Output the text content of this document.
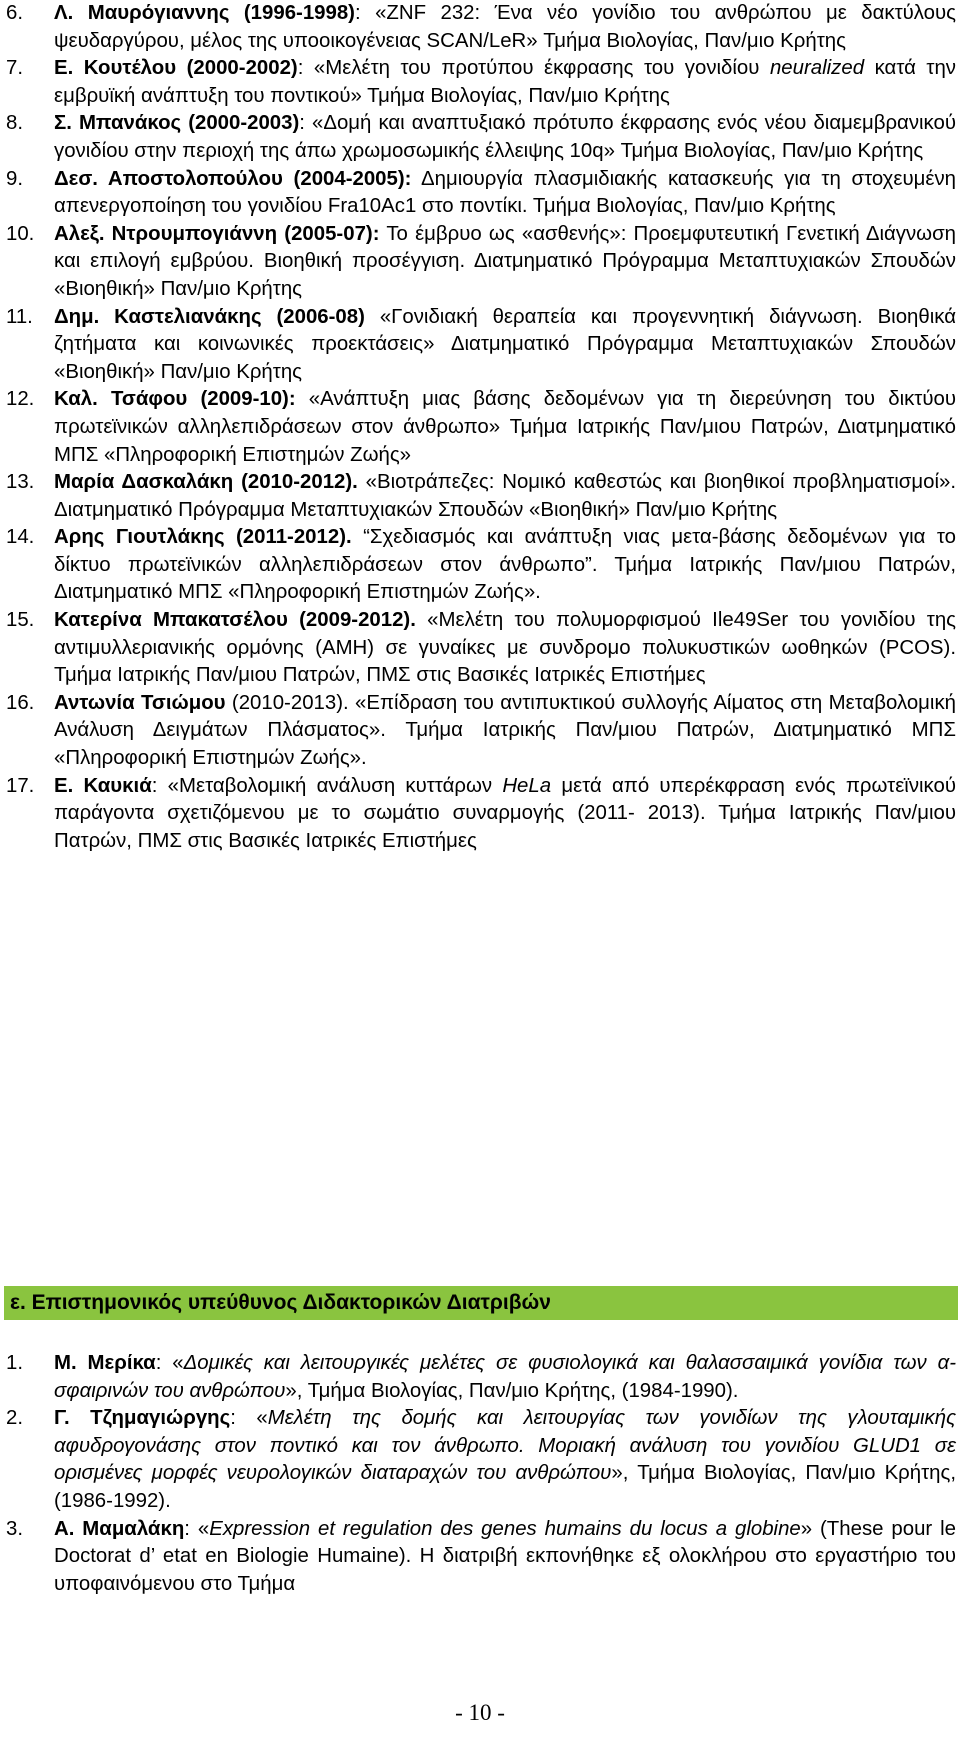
6. Λ. Μαυρόγιαννης (1996-1998): «ZNF 232: Ένα νέο γονίδιο του ανθρώπου με δακτύλους ψευδαργύρου, μέλος της υποοικογένειας SCAN/LeR» Τμήμα Βιολογίας, Παν/μιο Κρήτης
7. Ε. Κουτέλου (2000-2002): «Μελέτη του προτύπου έκφρασης του γονιδίου neuralized κατά την εμβρυϊκή ανάπτυξη του ποντικού» Τμήμα Βιολογίας, Παν/μιο Κρήτης
8. Σ. Μπανάκος (2000-2003): «Δομή και αναπτυξιακό πρότυπο έκφρασης ενός νέου διαμεμβρανικού γονιδίου στην περιοχή της άπω χρωμοσωμικής έλλειψης 10q» Τμήμα Βιολογίας, Παν/μιο Κρήτης
9. Δεσ. Αποστολοπούλου (2004-2005): Δημιουργία πλασμιδιακής κατασκευής για τη στοχευμένη απενεργοποίηση του γονιδίου Fra10Ac1 στο ποντίκι. Τμήμα Βιολογίας, Παν/μιο Κρήτης
10. Αλεξ. Ντρουμπογιάννη (2005-07): Το έμβρυο ως «ασθενής»: Προεμφυτευτική Γενετική Διάγνωση και επιλογή εμβρύου. Βιοηθική προσέγγιση. Διατμηματικό Πρόγραμμα Μεταπτυχιακών Σπουδών «Βιοηθική» Παν/μιο Κρήτης
11. Δημ. Καστελιανάκης (2006-08) «Γονιδιακή θεραπεία και προγεννητική διάγνωση. Βιοηθικά ζητήματα και κοινωνικές προεκτάσεις» Διατμηματικό Πρόγραμμα Μεταπτυχιακών Σπουδών «Βιοηθική» Παν/μιο Κρήτης
12. Καλ. Τσάφου (2009-10): «Ανάπτυξη μιας βάσης δεδομένων για τη διερεύνηση του δικτύου πρωτεϊνικών αλληλεπιδράσεων στον άνθρωπο» Τμήμα Ιατρικής Παν/μιου Πατρών, Διατμηματικό ΜΠΣ «Πληροφορική Επιστημών Ζωής»
13. Μαρία Δασκαλάκη (2010-2012). «Βιοτράπεζες: Νομικό καθεστώς και βιοηθικοί προβληματισμοί». Διατμηματικό Πρόγραμμα Μεταπτυχιακών Σπουδών «Βιοηθική» Παν/μιο Κρήτης
14. Αρης Γιουτλάκης (2011-2012). “Σχεδιασμός και ανάπτυξη νιας μετα-βάσης δεδομένων για το δίκτυο πρωτεϊνικών αλληλεπιδράσεων στον άνθρωπο”. Τμήμα Ιατρικής Παν/μιου Πατρών, Διατμηματικό ΜΠΣ «Πληροφορική Επιστημών Ζωής».
15. Κατερίνα Μπακατσέλου (2009-2012). «Μελέτη του πολυμορφισμού Ile49Ser του γονιδίου της αντιμυλλεριανικής ορμόνης (AMH) σε γυναίκες με συνδρομο πολυκυστικών ωοθηκών (PCOS). Τμήμα Ιατρικής Παν/μιου Πατρών, ΠΜΣ στις Βασικές Ιατρικές Επιστήμες
16. Αντωνία Τσιώμου (2010-2013). «Επίδραση του αντιπυκτικού συλλογής Αίματος στη Μεταβολομική Ανάλυση Δειγμάτων Πλάσματος». Τμήμα Ιατρικής Παν/μιου Πατρών, Διατμηματικό ΜΠΣ «Πληροφορική Επιστημών Ζωής».
17. Ε. Καυκιά: «Μεταβολομική ανάλυση κυττάρων HeLa μετά από υπερέκφραση ενός πρωτεϊνικού παράγοντα σχετιζόμενου με το σωμάτιο συναρμογής (2011- 2013). Τμήμα Ιατρικής Παν/μιου Πατρών, ΠΜΣ στις Βασικές Ιατρικές Επιστήμες
ε. Επιστημονικός υπεύθυνος Διδακτορικών Διατριβών
1. Μ. Μερίκα: «Δομικές και λειτουργικές μελέτες σε φυσιολογικά και θαλασσαιμικά γονίδια των α-σφαιρινών του ανθρώπου», Τμήμα Βιολογίας, Παν/μιο Κρήτης, (1984-1990).
2. Γ. Τζημαγιώργης: «Μελέτη της δομής και λειτουργίας των γονιδίων της γλουταμικής αφυδρογονάσης στον ποντικό και τον άνθρωπο. Μοριακή ανάλυση του γονιδίου GLUD1 σε ορισμένες μορφές νευρολογικών διαταραχών του ανθρώπου», Τμήμα Βιολογίας, Παν/μιο Κρήτης, (1986-1992).
3. Α. Μαμαλάκη: «Expression et regulation des genes humains du locus a globine» (These pour le Doctorat d’ etat en Biologie Humaine). Η διατριβή εκπονήθηκε εξ ολοκλήρου στο εργαστήριο του υποφαινόμενου στο Τμήμα
- 10 -
